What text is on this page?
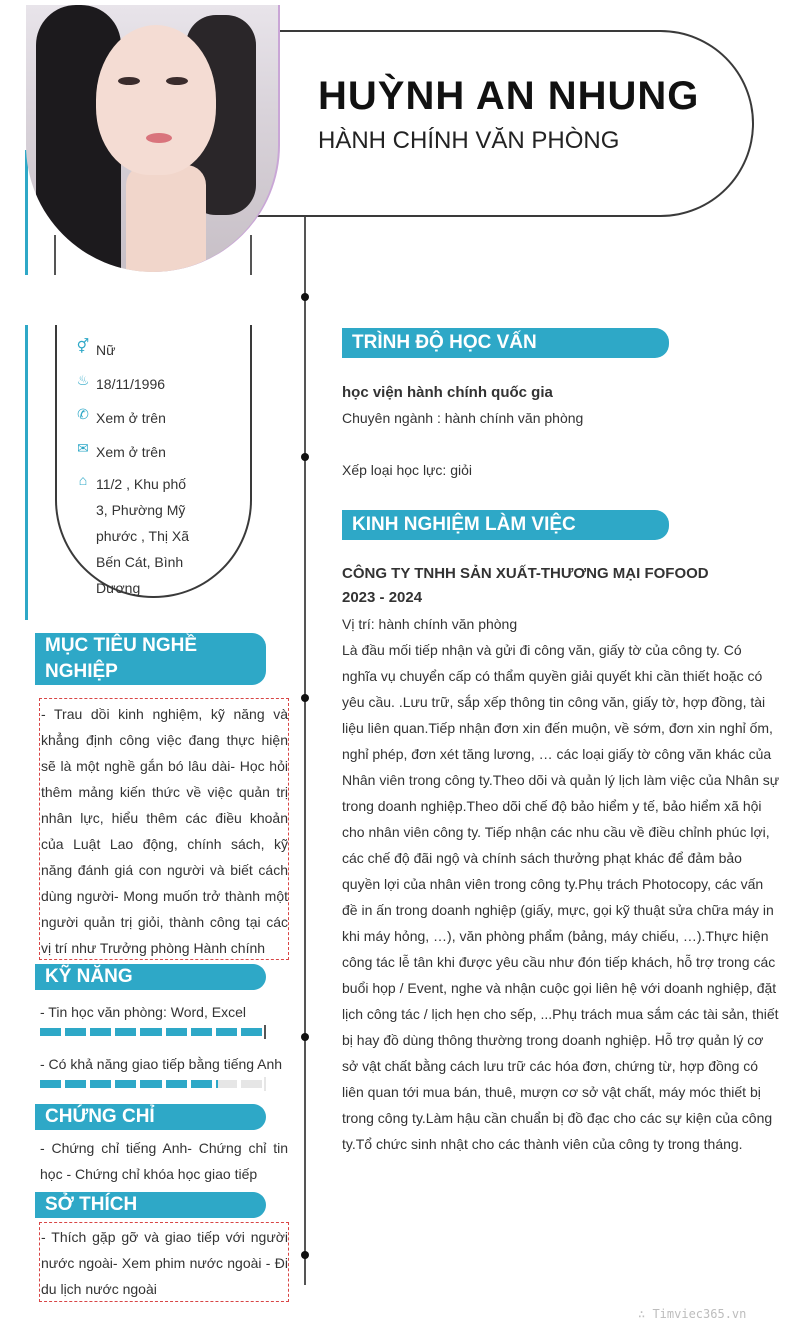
HUỲNH AN NHUNG
HÀNH CHÍNH VĂN PHÒNG
⚥ Nữ
♨ 18/11/1996
✆ Xem ở trên
✉ Xem ở trên
⌂ 11/2 , Khu phố 3, Phường Mỹ phước , Thị Xã Bến Cát, Bình Dương
MỤC TIÊU NGHỀ NGHIỆP
- Trau dồi kinh nghiệm, kỹ năng và khẳng định công việc đang thực hiện sẽ là một nghề gắn bó lâu dài- Học hỏi thêm mảng kiến thức về việc quản trị nhân lực, hiểu thêm các điều khoản của Luật Lao động, chính sách, kỹ năng đánh giá con người và biết cách dùng người- Mong muốn trở thành một người quản trị giỏi, thành công tại các vị trí như Trưởng phòng Hành chính
KỸ NĂNG
- Tin học văn phòng: Word, Excel
- Có khả năng giao tiếp bằng tiếng Anh
CHỨNG CHỈ
- Chứng chỉ tiếng Anh- Chứng chỉ tin học - Chứng chỉ khóa học giao tiếp
SỞ THÍCH
- Thích gặp gỡ và giao tiếp với người nước ngoài- Xem phim nước ngoài - Đi du lịch nước ngoài
TRÌNH ĐỘ HỌC VẤN
học viện hành chính quốc gia
Chuyên ngành : hành chính văn phòng
Xếp loại học lực: giỏi
KINH NGHIỆM LÀM VIỆC
CÔNG TY TNHH SẢN XUẤT-THƯƠNG MẠI FOFOOD
2023 - 2024
Vị trí: hành chính văn phòng
Là đầu mối tiếp nhận và gửi đi công văn, giấy tờ của công ty. Có nghĩa vụ chuyển cấp có thẩm quyền giải quyết khi cần thiết hoặc có yêu cầu. .Lưu trữ, sắp xếp thông tin công văn, giấy tờ, hợp đồng, tài liệu liên quan.Tiếp nhận đơn xin đến muộn, về sớm, đơn xin nghỉ ốm, nghỉ phép, đơn xét tăng lương, … các loại giấy tờ công văn khác của Nhân viên trong công ty.Theo dõi và quản lý lịch làm việc của Nhân sự trong doanh nghiệp.Theo dõi chế độ bảo hiểm y tế, bảo hiểm xã hội cho nhân viên công ty. Tiếp nhận các nhu cầu về điều chỉnh phúc lợi, các chế độ đãi ngộ và chính sách thưởng phạt khác để đảm bảo quyền lợi của nhân viên trong công ty.Phụ trách Photocopy, các vấn đề in ấn trong doanh nghiệp (giấy, mực, gọi kỹ thuật sửa chữa máy in khi máy hỏng, …), văn phòng phẩm (bảng, máy chiếu, …).Thực hiện công tác lễ tân khi được yêu cầu như đón tiếp khách, hỗ trợ trong các buổi họp / Event, nghe và nhận cuộc gọi liên hệ với doanh nghiệp, đặt lịch công tác / lịch hẹn cho sếp, ...Phụ trách mua sắm các tài sản, thiết bị hay đồ dùng thông thường trong doanh nghiệp. Hỗ trợ quản lý cơ sở vật chất bằng cách lưu trữ các hóa đơn, chứng từ, hợp đồng có liên quan tới mua bán, thuê, mượn cơ sở vật chất, máy móc thiết bị trong công ty.Làm hậu cần chuẩn bị đồ đạc cho các sự kiện của công ty.Tổ chức sinh nhật cho các thành viên của công ty trong tháng.
∴ Timviec365.vn
